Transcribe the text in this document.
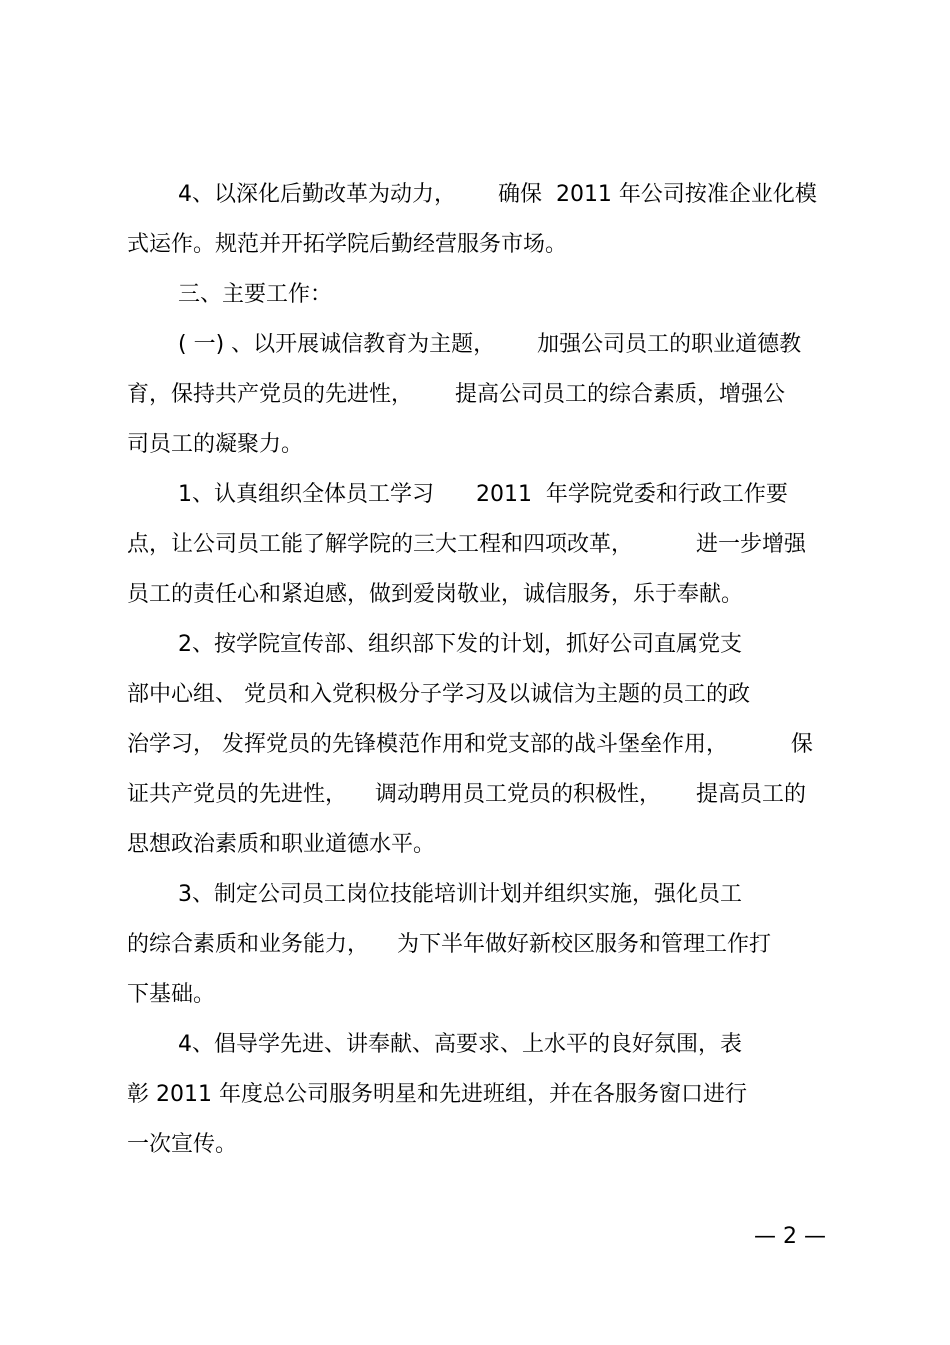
4、以深化后勤改革为动力，      确保  2011 年公司按准企业化模
式运作。规范并开拓学院后勤经营服务市场。
三、主要工作：
( 一) 、以开展诚信教育为主题，      加强公司员工的职业道德教
育，保持共产党员的先进性，      提高公司员工的综合素质，增强公
司员工的凝聚力。
1、认真组织全体员工学习      2011  年学院党委和行政工作要
点，让公司员工能了解学院的三大工程和四项改革，         进一步增强
员工的责任心和紧迫感，做到爱岗敬业，诚信服务，乐于奉献。
2、按学院宣传部、组织部下发的计划，抓好公司直属党支
部中心组、 党员和入党积极分子学习及以诚信为主题的员工的政
治学习， 发挥党员的先锋模范作用和党支部的战斗堡垒作用，         保
证共产党员的先进性，    调动聘用员工党员的积极性，     提高员工的
思想政治素质和职业道德水平。
3、制定公司员工岗位技能培训计划并组织实施，强化员工
的综合素质和业务能力，    为下半年做好新校区服务和管理工作打
下基础。
4、倡导学先进、讲奉献、高要求、上水平的良好氛围，表
彰 2011 年度总公司服务明星和先进班组，并在各服务窗口进行
一次宣传。
— 2 —
